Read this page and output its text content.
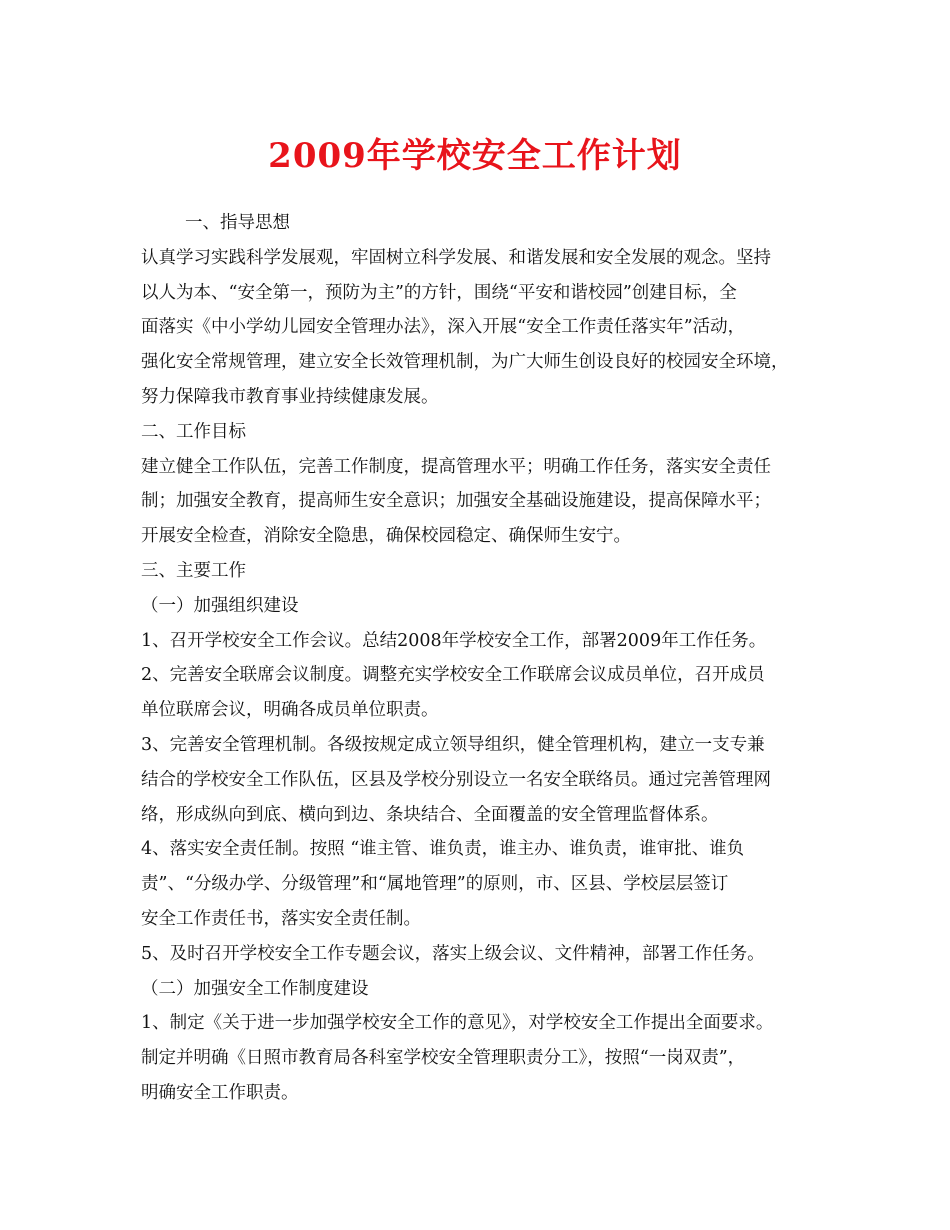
2009年学校安全工作计划
一、指导思想
认真学习实践科学发展观，牢固树立科学发展、和谐发展和安全发展的观念。坚持
以人为本、“安全第一，预防为主”的方针，围绕“平安和谐校园”创建目标，全
面落实《中小学幼儿园安全管理办法》，深入开展“安全工作责任落实年”活动，
强化安全常规管理，建立安全长效管理机制，为广大师生创设良好的校园安全环境，
努力保障我市教育事业持续健康发展。
二、工作目标
建立健全工作队伍，完善工作制度，提高管理水平；明确工作任务，落实安全责任
制；加强安全教育，提高师生安全意识；加强安全基础设施建设，提高保障水平；
开展安全检查，消除安全隐患，确保校园稳定、确保师生安宁。
三、主要工作
（一）加强组织建设
1、召开学校安全工作会议。总结2008年学校安全工作，部署2009年工作任务。
2、完善安全联席会议制度。调整充实学校安全工作联席会议成员单位，召开成员
单位联席会议，明确各成员单位职责。
3、完善安全管理机制。各级按规定成立领导组织，健全管理机构，建立一支专兼
结合的学校安全工作队伍，区县及学校分别设立一名安全联络员。通过完善管理网
络，形成纵向到底、横向到边、条块结合、全面覆盖的安全管理监督体系。
4、落实安全责任制。按照 “谁主管、谁负责，谁主办、谁负责，谁审批、谁负
责”、“分级办学、分级管理”和“属地管理”的原则，市、区县、学校层层签订
安全工作责任书，落实安全责任制。
5、及时召开学校安全工作专题会议，落实上级会议、文件精神，部署工作任务。
（二）加强安全工作制度建设
1、制定《关于进一步加强学校安全工作的意见》，对学校安全工作提出全面要求。
制定并明确《日照市教育局各科室学校安全管理职责分工》，按照“一岗双责”，
明确安全工作职责。
